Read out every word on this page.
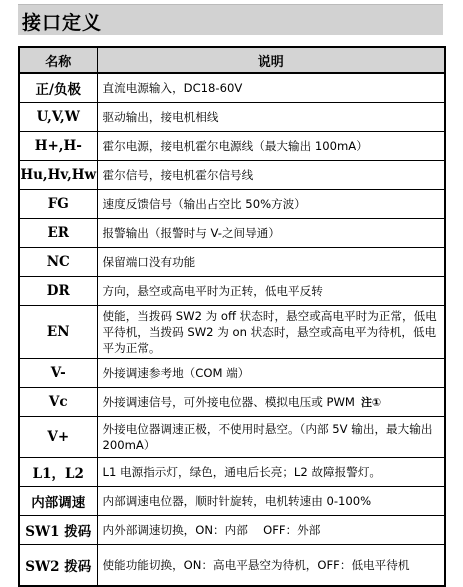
接口定义
名称	说明
正/负极	直流电源输入，DC18-60V
U,V,W	驱动输出，接电机相线
H+,H-	霍尔电源，接电机霍尔电源线（最大输出 100mA）
Hu,Hv,Hw	霍尔信号，接电机霍尔信号线
FG	速度反馈信号（输出占空比 50%方波）
ER	报警输出（报警时与 V-之间导通）
NC	保留端口没有功能
DR	方向，悬空或高电平时为正转，低电平反转
EN	使能，当拨码 SW2 为 off 状态时，悬空或高电平时为正常，低电平待机，当拨码 SW2 为 on 状态时，悬空或高电平为待机，低电平为正常。
V-	外接调速参考地（COM 端）
Vc	外接调速信号，可外接电位器、模拟电压或 PWM 注①
V+	外接电位器调速正极，不使用时悬空。（内部 5V 输出，最大输出 200mA）
L1，L2	L1 电源指示灯，绿色，通电后长亮；L2 故障报警灯。
内部调速	内部调速电位器，顺时针旋转，电机转速由 0-100%
SW1 拨码	内外部调速切换，ON：内部　 OFF：外部
SW2 拨码	使能功能切换，ON：高电平悬空为待机，OFF：低电平待机
